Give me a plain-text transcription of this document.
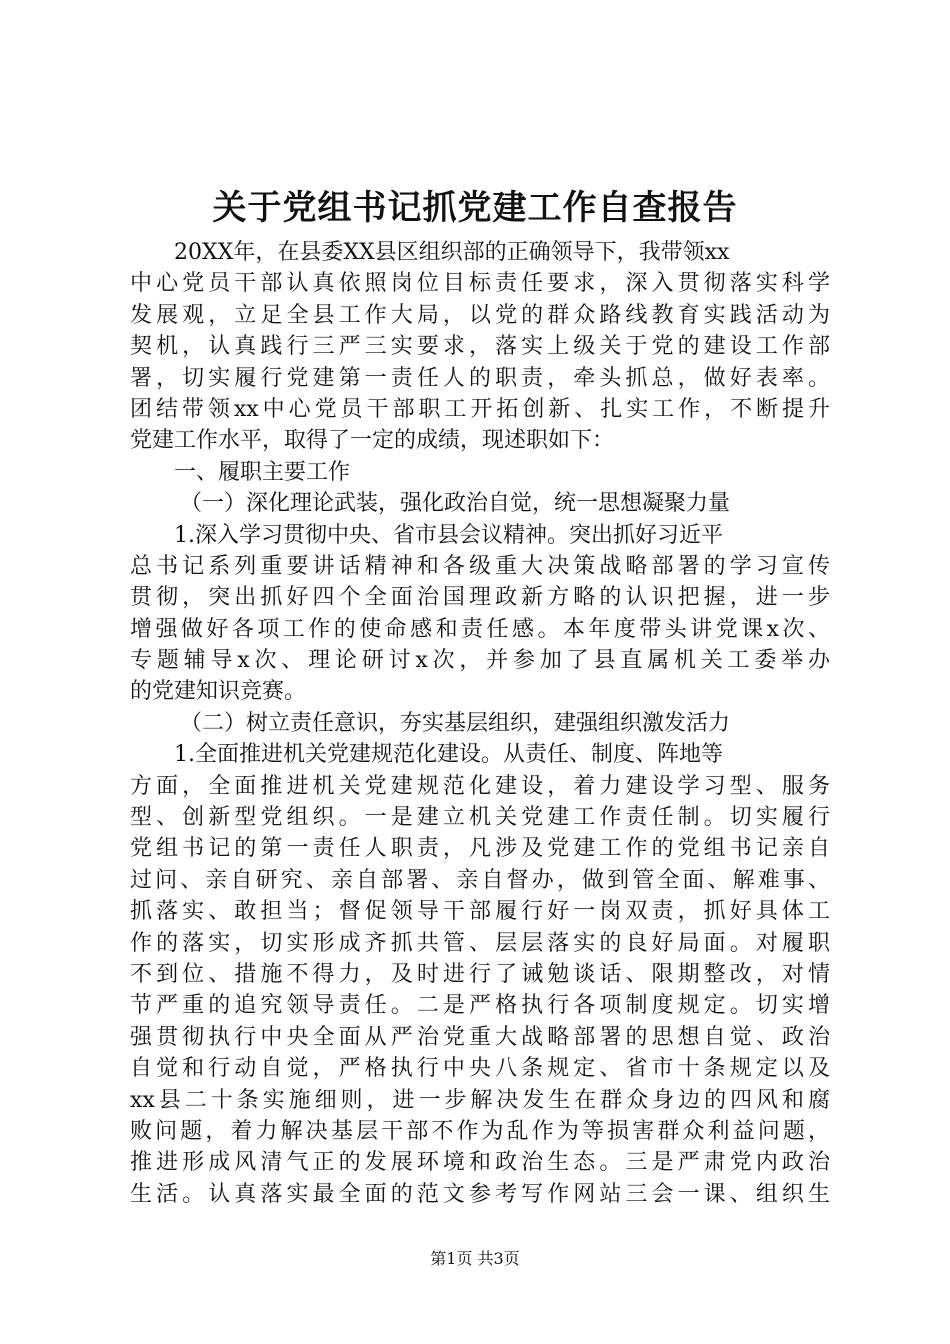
关于党组书记抓党建工作自查报告
20XX年，在县委XX县区组织部的正确领导下，我带领xx
中心党员干部认真依照岗位目标责任要求，深入贯彻落实科学
发展观，立足全县工作大局，以党的群众路线教育实践活动为
契机，认真践行三严三实要求，落实上级关于党的建设工作部
署，切实履行党建第一责任人的职责，牵头抓总，做好表率。
团结带领xx中心党员干部职工开拓创新、扎实工作，不断提升
党建工作水平，取得了一定的成绩，现述职如下：
一、履职主要工作
（一）深化理论武装，强化政治自觉，统一思想凝聚力量
1.深入学习贯彻中央、省市县会议精神。突出抓好习近平
总书记系列重要讲话精神和各级重大决策战略部署的学习宣传
贯彻，突出抓好四个全面治国理政新方略的认识把握，进一步
增强做好各项工作的使命感和责任感。本年度带头讲党课x次、
专题辅导x次、理论研讨x次，并参加了县直属机关工委举办
的党建知识竞赛。
（二）树立责任意识，夯实基层组织，建强组织激发活力
1.全面推进机关党建规范化建设。从责任、制度、阵地等
方面，全面推进机关党建规范化建设，着力建设学习型、服务
型、创新型党组织。一是建立机关党建工作责任制。切实履行
党组书记的第一责任人职责，凡涉及党建工作的党组书记亲自
过问、亲自研究、亲自部署、亲自督办，做到管全面、解难事、
抓落实、敢担当；督促领导干部履行好一岗双责，抓好具体工
作的落实，切实形成齐抓共管、层层落实的良好局面。对履职
不到位、措施不得力，及时进行了诫勉谈话、限期整改，对情
节严重的追究领导责任。二是严格执行各项制度规定。切实增
强贯彻执行中央全面从严治党重大战略部署的思想自觉、政治
自觉和行动自觉，严格执行中央八条规定、省市十条规定以及
xx县二十条实施细则，进一步解决发生在群众身边的四风和腐
败问题，着力解决基层干部不作为乱作为等损害群众利益问题，
推进形成风清气正的发展环境和政治生态。三是严肃党内政治
生活。认真落实最全面的范文参考写作网站三会一课、组织生
第1页 共3页
